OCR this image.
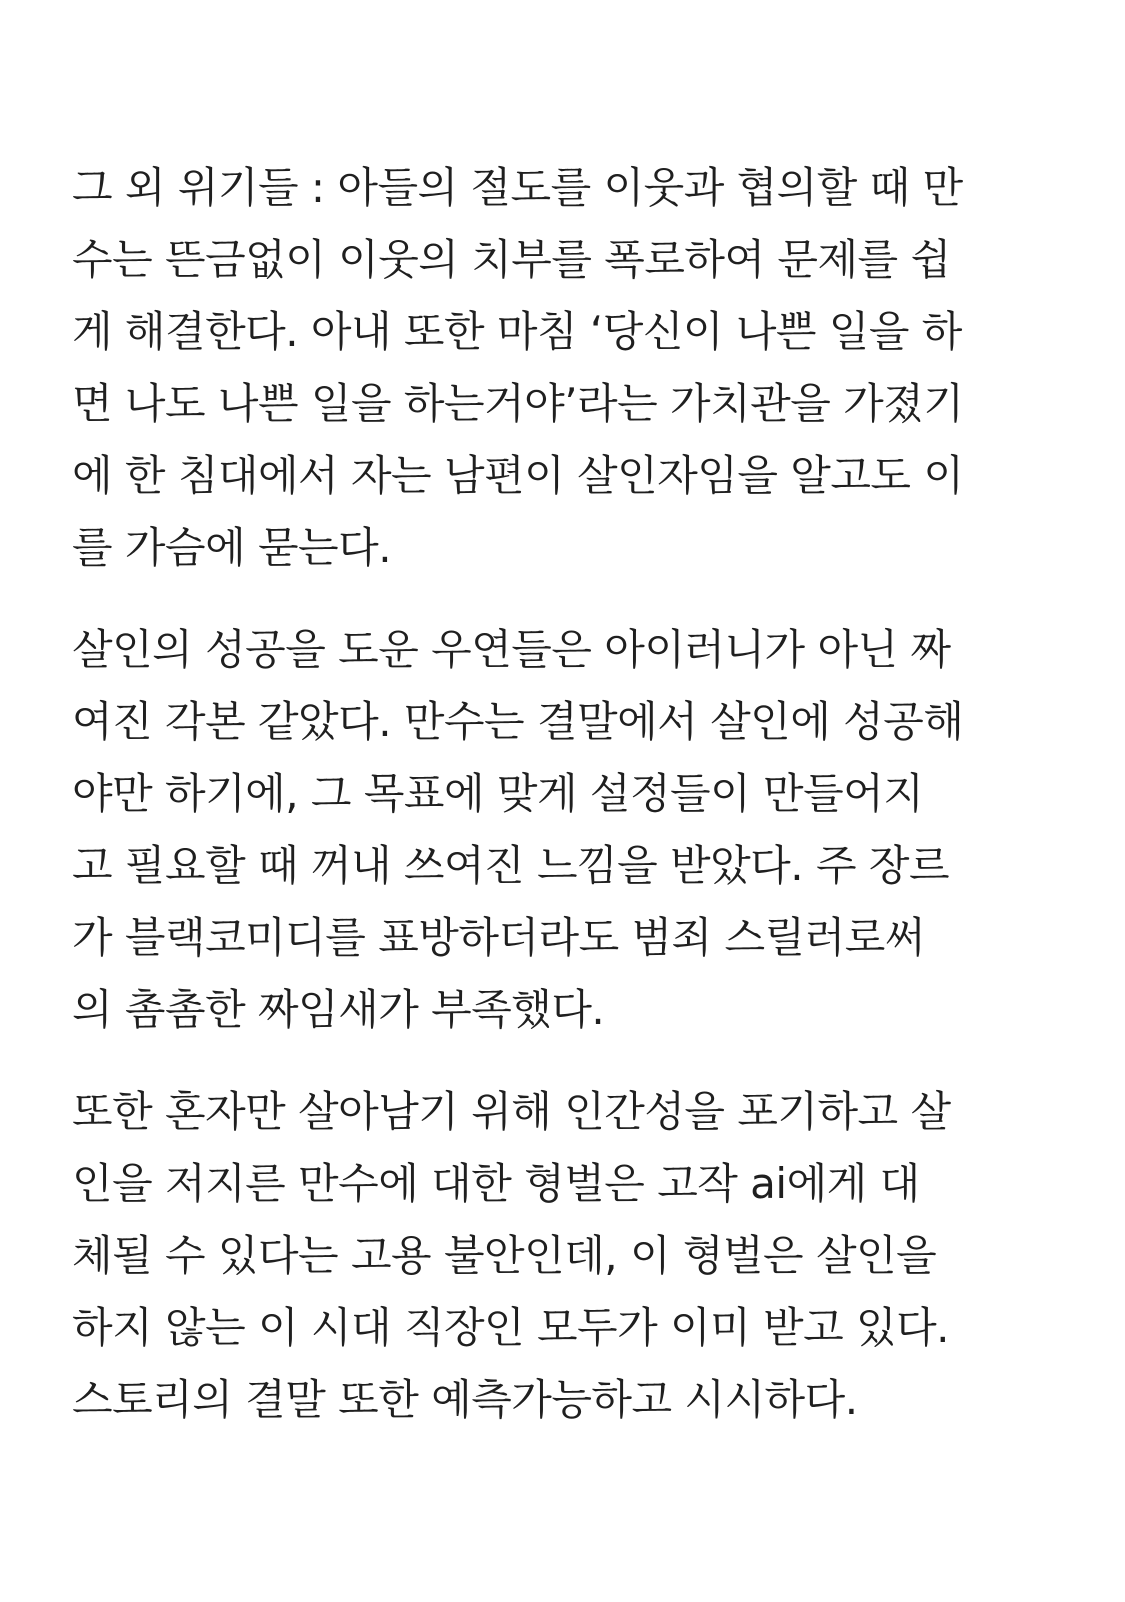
그 외 위기들 : 아들의 절도를 이웃과 협의할 때 만
수는 뜬금없이 이웃의 치부를 폭로하여 문제를 쉽
게 해결한다. 아내 또한 마침 ‘당신이 나쁜 일을 하
면 나도 나쁜 일을 하는거야’라는 가치관을 가졌기
에 한 침대에서 자는 남편이 살인자임을 알고도 이
를 가슴에 묻는다.

살인의 성공을 도운 우연들은 아이러니가 아닌 짜
여진 각본 같았다. 만수는 결말에서 살인에 성공해
야만 하기에, 그 목표에 맞게 설정들이 만들어지
고 필요할 때 꺼내 쓰여진 느낌을 받았다. 주 장르
가 블랙코미디를 표방하더라도 범죄 스릴러로써
의 촘촘한 짜임새가 부족했다.

또한 혼자만 살아남기 위해 인간성을 포기하고 살
인을 저지른 만수에 대한 형벌은 고작 ai에게 대
체될 수 있다는 고용 불안인데, 이 형벌은 살인을
하지 않는 이 시대 직장인 모두가 이미 받고 있다.
스토리의 결말 또한 예측가능하고 시시하다.
